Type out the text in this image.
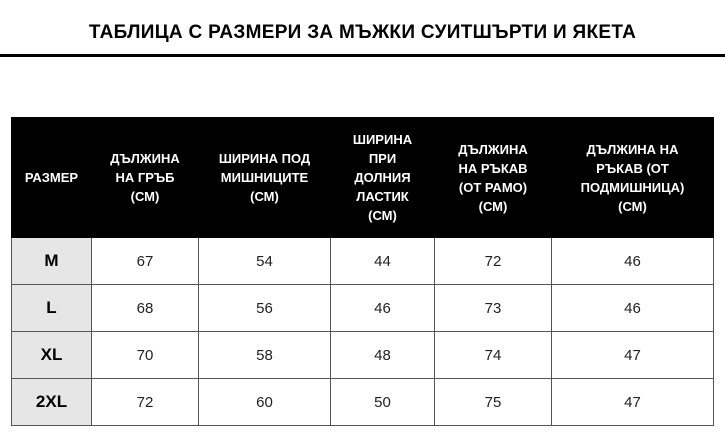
ТАБЛИЦА С РАЗМЕРИ ЗА МЪЖКИ СУИТШЪРТИ И ЯКЕТА
РАЗМЕР	ДЪЛЖИНА НА ГРЪБ (СМ)	ШИРИНА ПОД МИШНИЦИТЕ (СМ)	ШИРИНА ПРИ ДОЛНИЯ ЛАСТИК (СМ)	ДЪЛЖИНА НА РЪКАВ (ОТ РАМО) (СМ)	ДЪЛЖИНА НА РЪКАВ (ОТ ПОДМИШНИЦА) (СМ)
M	67	54	44	72	46
L	68	56	46	73	46
XL	70	58	48	74	47
2XL	72	60	50	75	47
